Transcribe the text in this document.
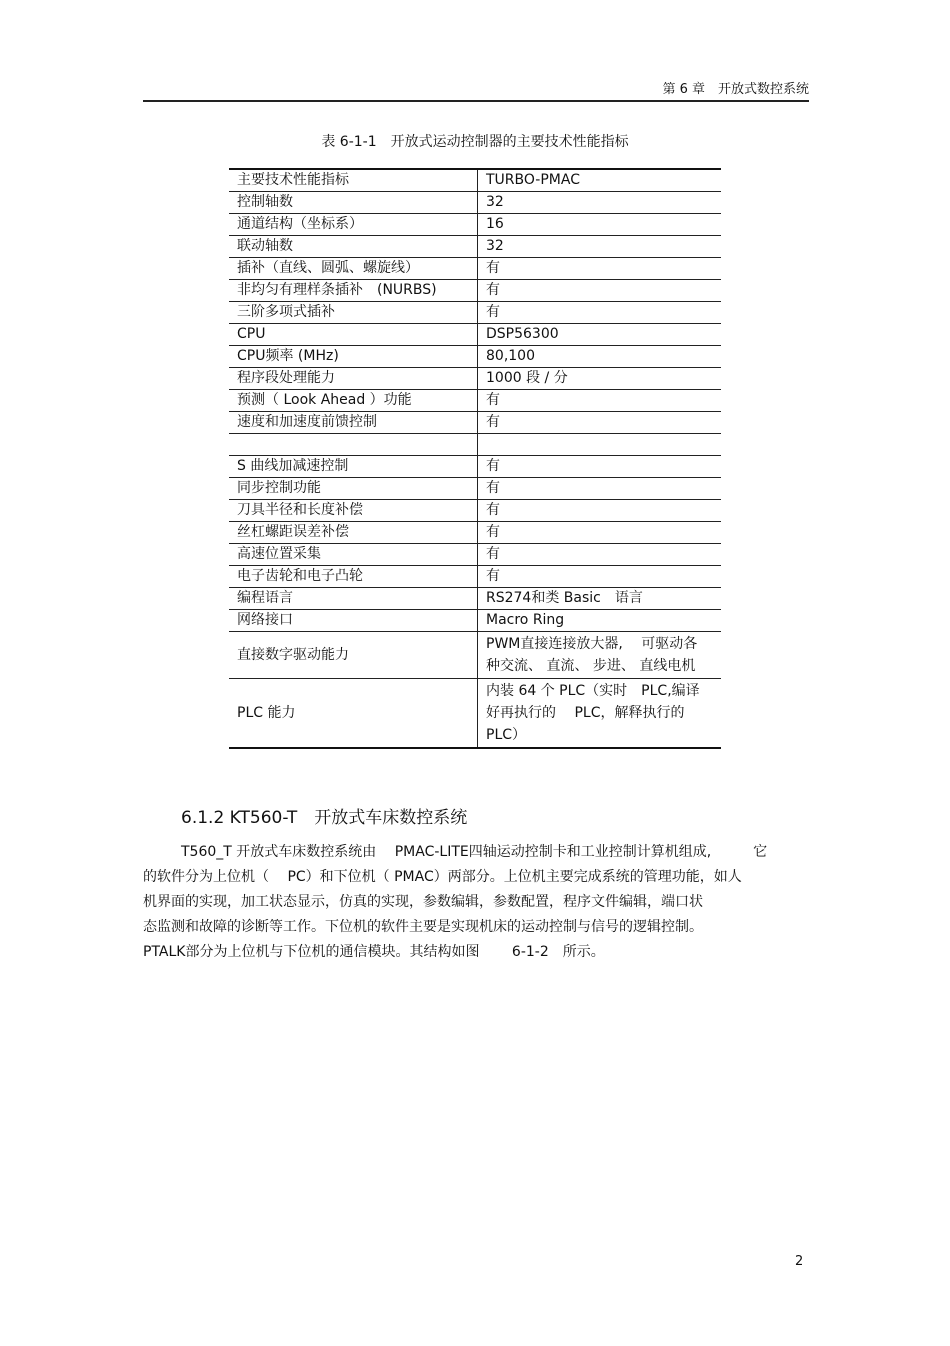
第 6 章　开放式数控系统
表 6-1-1　开放式运动控制器的主要技术性能指标
主要技术性能指标	TURBO-PMAC
控制轴数	32
通道结构（坐标系）	16
联动轴数	32
插补（直线、圆弧、螺旋线）	有
非均匀有理样条插补　(NURBS)	有
三阶多项式插补	有
CPU	DSP56300
CPU频率 (MHz)	80,100
程序段处理能力	1000 段 / 分
预测（ Look Ahead ）功能	有
速度和加速度前馈控制	有

S 曲线加减速控制	有
同步控制功能	有
刀具半径和长度补偿	有
丝杠螺距误差补偿	有
高速位置采集	有
电子齿轮和电子凸轮	有
编程语言	RS274和类 Basic　语言
网络接口	Macro Ring
直接数字驱动能力	PWM直接连接放大器,　 可驱动各
种交流、 直流、 步进、 直线电机

PLC 能力	内装 64 个 PLC（实时　PLC,编译
好再执行的　 PLC，解释执行的
PLC）
6.1.2 KT560-T　开放式车床数控系统
T560_T 开放式车床数控系统由　 PMAC-LITE四轴运动控制卡和工业控制计算机组成,　　　它
的软件分为上位机（　 PC）和下位机（ PMAC）两部分。上位机主要完成系统的管理功能，如人
机界面的实现，加工状态显示，仿真的实现，参数编辑，参数配置，程序文件编辑，端口状
态监测和故障的诊断等工作。下位机的软件主要是实现机床的运动控制与信号的逻辑控制。
PTALK部分为上位机与下位机的通信模块。其结构如图　　 6-1-2　所示。
2
